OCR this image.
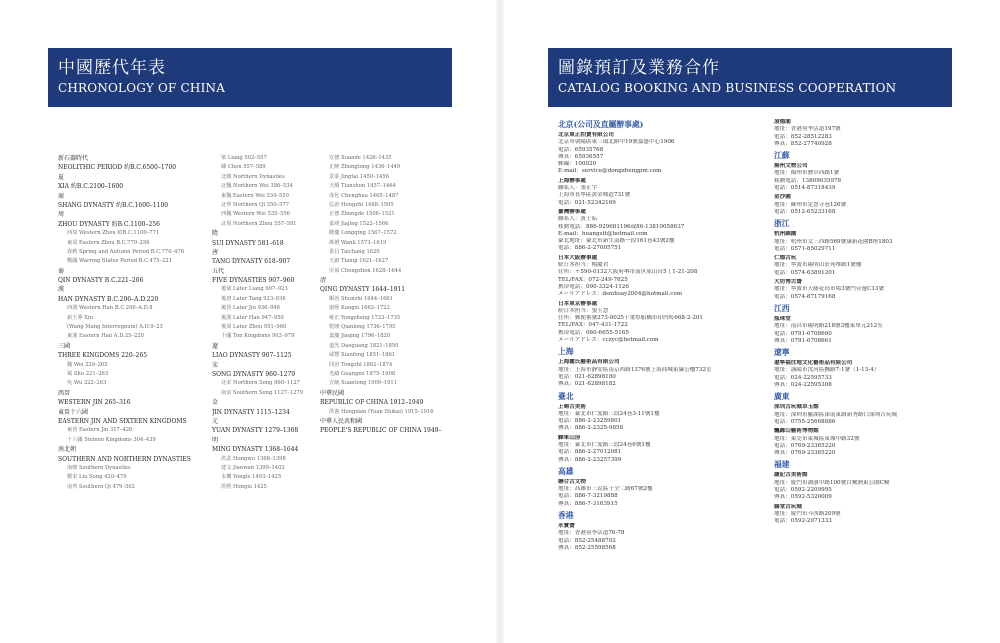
中國歷代年表
CHRONOLOGY OF CHINA
圖錄預訂及業務合作
CATALOG BOOKING AND BUSINESS COOPERATION
新石器時代
NEOLITHIC PERIOD 約B.C.6500–1700
夏
XIA 約B.C.2100–1600
商
SHANG DYNASTY 約B.C.1600–1100
周
ZHOU DYNASTY 約B.C.1100–256
西周 Western Zhou 約B.C.1100–771
東周 Eastern Zhou B.C.770–256
春秋 Spring and Autumn Period B.C.770–476
戰國 Warring States Period B.C.475–221
秦
QIN DYNASTY B.C.221–206
漢
HAN DYNASTY B.C.206–A.D.220
西漢 Western Han B.C.206–A.D.8
新王莽 Xin
(Wang Mang Interregnum) A.D.9–23
東漢 Eastern Han A.D.25–220
三國
THREE KINGDOMS 220–265
魏 Wei 220–265
蜀 Shu 221–263
吳 Wu 222–263
西晉
WESTERN JIN 265–316
東晉十六國
EASTERN JIN AND SIXTEEN KINGDOMS
東晉 Eastern Jin 317–420
十六國 Sixteen Kingdoms 304–439
南北朝
SOUTHERN AND NORTHERN DYNASTIES
南朝 Southern Dynasties
劉宋 Liu Song 420–479
南齊 Southern Qi 479–502
梁 Liang 502–557
陳 Chen 557–589
北朝 Northern Dynasties
北魏 Northern Wei 386–534
東魏 Eastern Wei 534–550
北齊 Northern Qi 550–577
西魏 Western Wei 535–556
北周 Northern Zhou 557–581
隋
SUI DYNASTY 581–618
唐
TANG DYNASTY 618–907
五代
FIVE DYNASTIES 907–960
後梁 Later Liang 907–923
後唐 Later Tang 923–936
後晉 Later Jin 936–946
後漢 Later Han 947–950
後周 Later Zhou 951–960
十國 Ten Kingdoms 902–979
遼
LIAO DYNASTY 907–1125
宋
SONG DYNASTY 960–1279
北宋 Northern Song 960–1127
南宋 Southern Song 1127–1279
金
JIN DYNASTY 1115–1234
元
YUAN DYNASTY 1279–1368
明
MING DYNASTY 1368–1644
洪武 Hongwu 1368–1398
建文 Jianwen 1399–1402
永樂 Yongle 1403–1425
洪熙 Hongxi 1425
宣德 Xuande 1426–1435
正統 Zhengtong 1436–1449
景泰 Jingtai 1450–1456
天順 Tianshun 1457–1464
成化 Chenghua 1465–1487
弘治 Hongzhi 1488–1505
正德 Zhengde 1506–1521
嘉靖 Jiajing 1522–1566
隆慶 Longqing 1567–1572
萬曆 Wanli 1573–1619
泰昌 Taichang 1620
天啟 Tianqi 1621–1627
崇禎 Chongzhen 1628–1644
清
QING DYNASTY 1644–1911
順治 Shunzhi 1644–1661
康熙 Kangxi 1662–1722
雍正 Yongzheng 1723–1735
乾隆 Qianlong 1736–1795
嘉慶 Jiaqing 1796–1820
道光 Daoguang 1821–1850
咸豐 Xianfeng 1851–1861
同治 Tongzhi 1862–1874
光緒 Guangxu 1875–1908
宣統 Xuantong 1909–1911
中華民國
REPUBLIC OF CHINA 1912–1949
洪憲 Hongxian (Yuan Shikai) 1915–1916
中華人民共和國
PEOPLE'S REPUBLIC OF CHINA 1949–
北京(公司及直屬辦事處)
北京東正拍賣有限公司
北京市朝陽區東三環北路甲19號嘉盛中心1906
電話：65935768
傳真：65936557
郵編：100020
E-mail：service@dongzhengpm.com
上海辦事處
聯系人：張正宇
上海市長寧區黃金城道731號
電話：021-52342169
臺灣辦事處
聯系人：黃士耘
移動電話：886-929681196或86-13810058637
E-mail：huangstt@hotmail.com
臺北地址：臺北市新生南路一段161巷43號2樓
電話：886-2-27005751
日本大阪辦事處
駐日本担当：楊慶君
住所：〒590-0132大阪府堺市南区原山台5丁1-21-208
TEL/FAX：072-249-7625
携帯電話：090-3324-1126
メールアドレス：dsmhsay2004@hotmail.com
日本東京辦事處
駐日本担当：張玉慧
住所：郵便番號273-0025千葉県船橋市印内町668-2-201
TEL/FAX：047-431-1722
携帯電話：080-6655-5165
メールアドレス：cczyc@hotmail.com
上海
上海麗氏藝術品有限公司
地址：上海市靜安區南京西路1376號上海商城東廉公樓732室
電話：021-62898180
傳真：021-62898182
臺北
上暘古美術
地址：臺北市仁愛路三段24巷3-11號1樓
電話：886-2-23259801
傳真：886-2-2325-9858
驛軍山房
地址：臺北市仁愛路三段24巷6號1樓
電話：886-2-27012081
傳真：886-2-23257399
高雄
聯合古文物
地址：高雄市三民區十全二路67號2樓
電話：886-7-3219888
傳真：886-7-3163915
香港
永寶齋
地址：香港荷李活道76-78
電話：852-25488702
傳真：852-25598568
凌德閣
地址：香港荷李活道197號
電話：852-28512283
傳真：852-27740928
江蘇
揚州文物公司
地址：揚州市鹽阜西路1號
移動電話：13809035978
電話：0514-87318439
金沙園
地址：蘇州市定慧寺巷126號
電話：0512-65233168
浙江
杭州錦園
地址：杭州市文三西路569號康新花園B座1803
電話：0571-85029711
仁德古玩
地址：寧波市陽明山莊苑堆路1號樓
電話：0574-63891201
大坊博古齋
地址：寧波市天藤花鳥市場3號門旁邊C13號
電話：0574-87179168
江西
瓶珠堂
地址：南昌市陽明路218號3樓東單元212室
電話：0791-6708660
傳真：0791-6708661
遼寧
遼寧福往地文化藝術品有限公司
地址：瀋陽市沈河區撫路7-1號（1-13-4）
電話：024-22595733
傳真：024-22595308
廣東
深圳古玩城卓玉館
地址：深圳市羅湖區深南東路新秀路口深圳古玩城
電話：0755-25668886
飄緣山藝術博物館
地址：東莞市東城區東城中路32號
電話：0769-23365220
傳真：0769-23365220
福建
謙記古美術館
地址：廈門市湖濱中路100號白鷺洲東公園C幢
電話：0592-2209995
傳真：0592-5320009
藤堂古玩城
地址：廈門市斗西路209號
電話：0592-2971333
